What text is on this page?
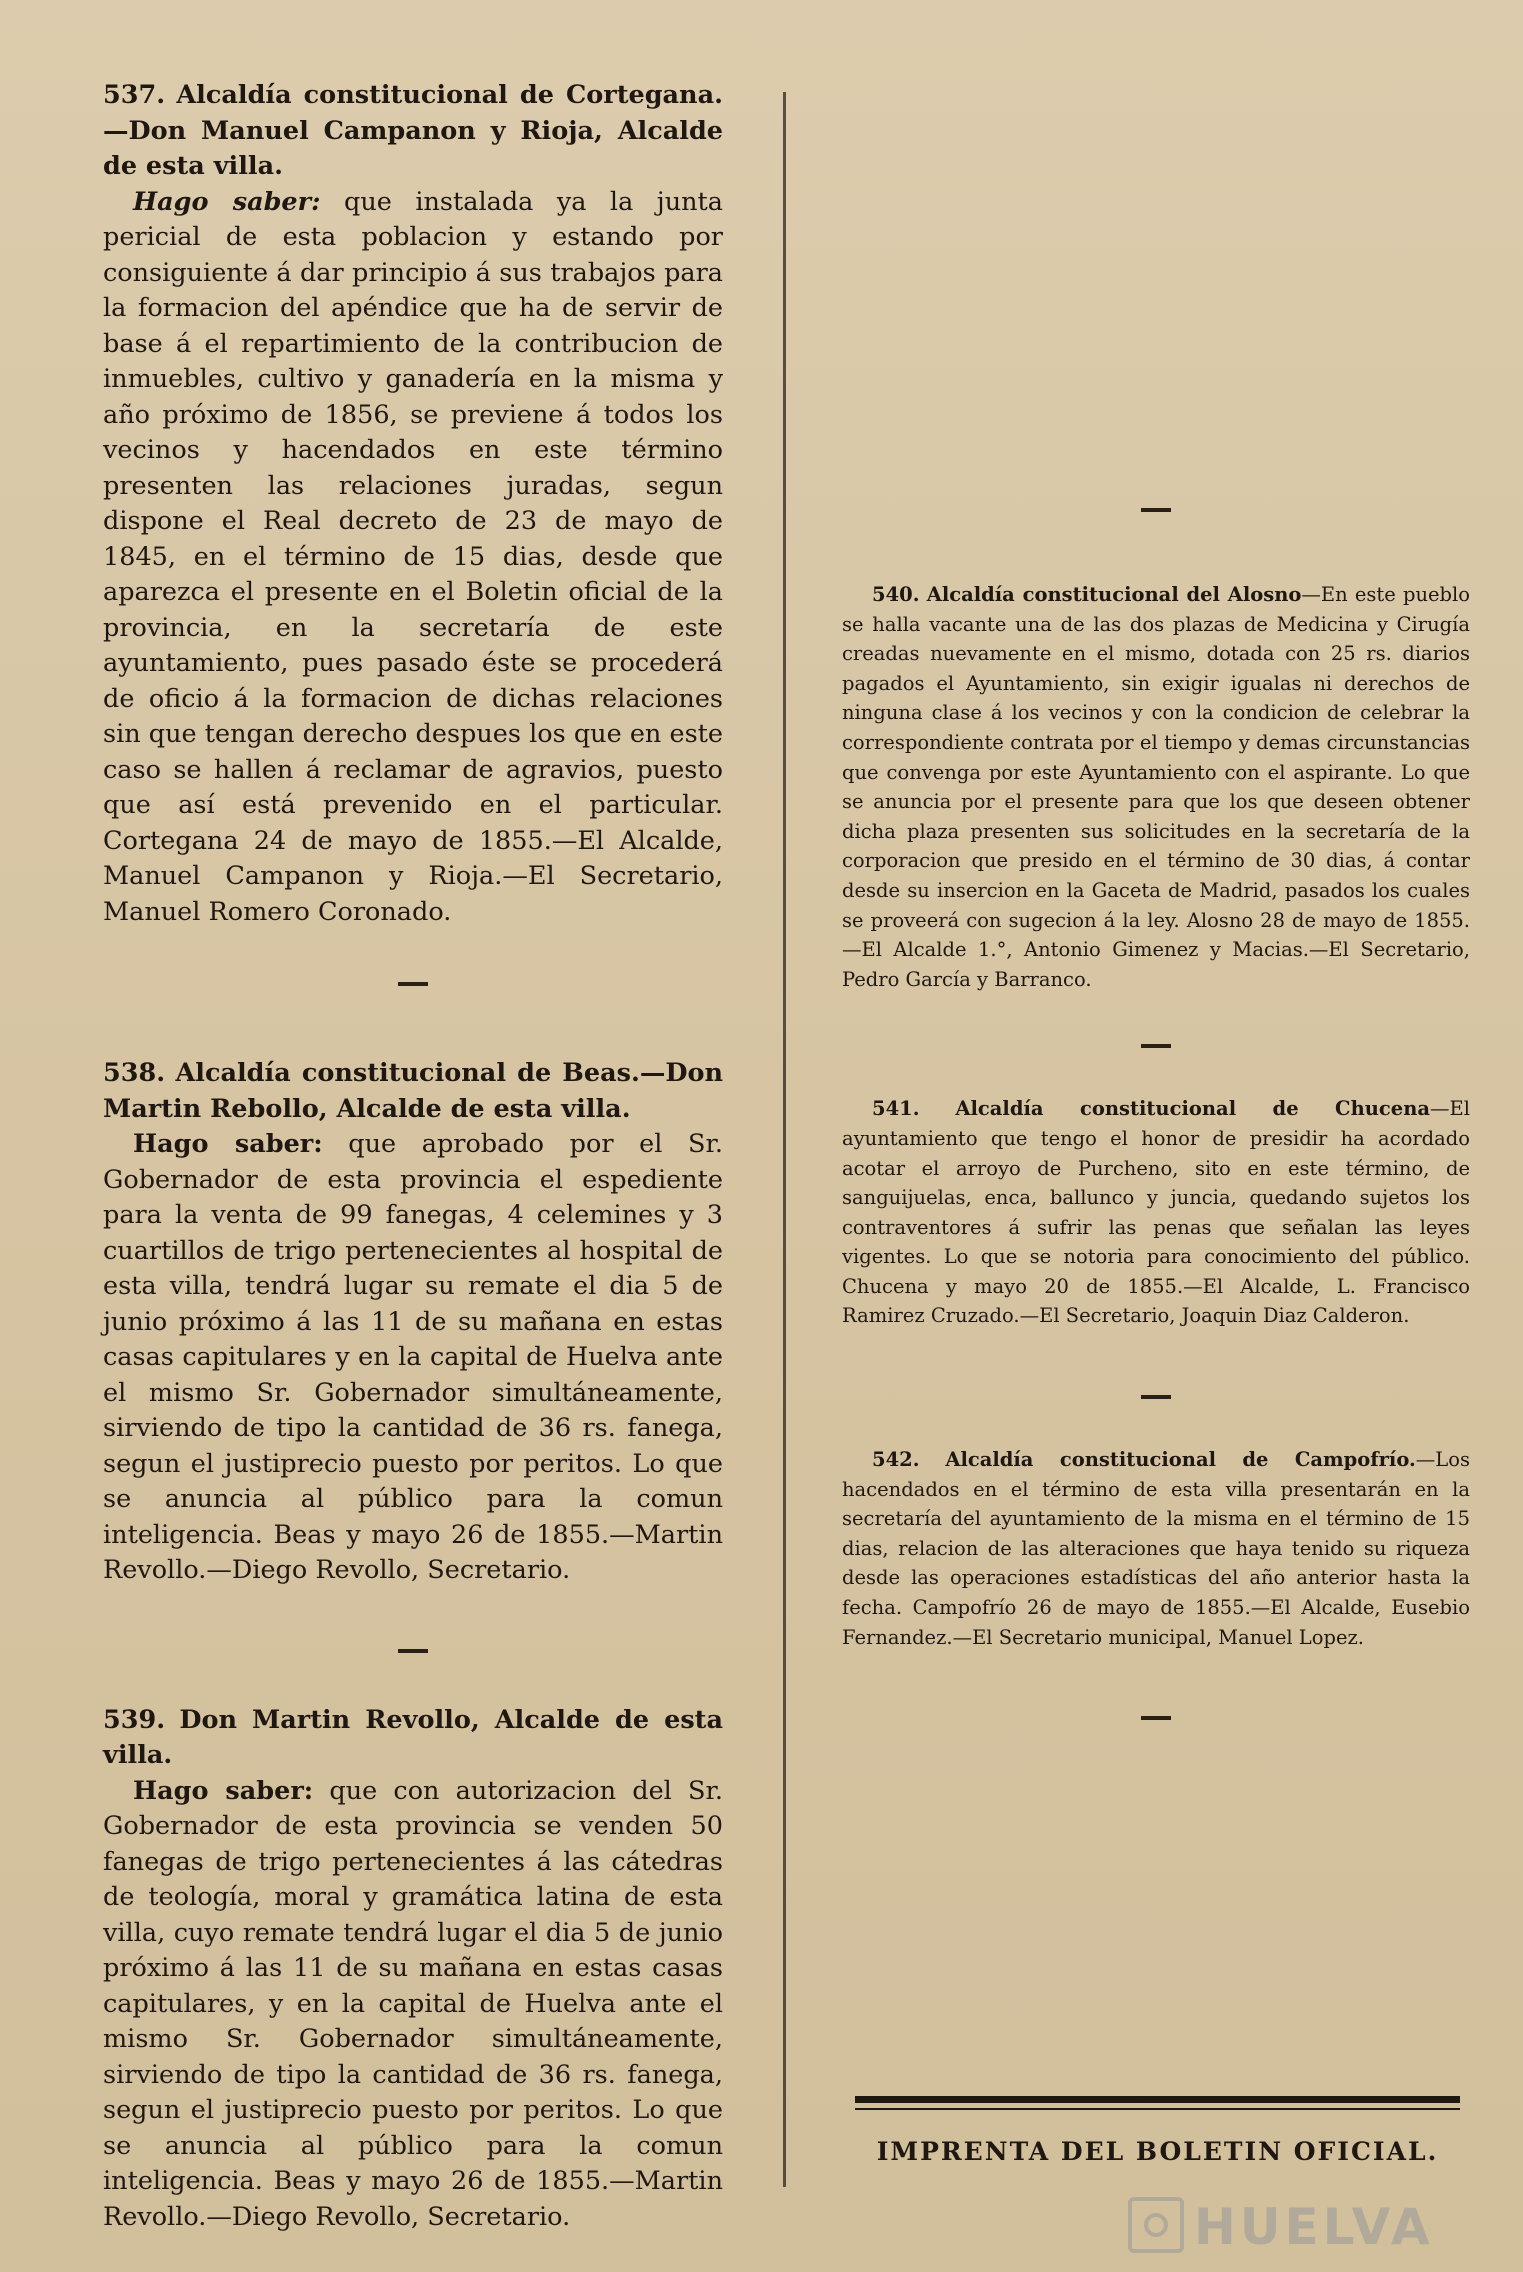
537. Alcaldía constitucional de Cortegana.—Don Manuel Campanon y Rioja, Alcalde de esta villa.

Hago saber: que instalada ya la junta pericial de esta poblacion y estando por consiguiente á dar principio á sus trabajos para la formacion del apéndice que ha de servir de base á el repartimiento de la contribucion de inmuebles, cultivo y ganadería en la misma y año próximo de 1856, se previene á todos los vecinos y hacendados en este término presenten las relaciones juradas, segun dispone el Real decreto de 23 de mayo de 1845, en el término de 15 dias, desde que aparezca el presente en el Boletin oficial de la provincia, en la secretaría de este ayuntamiento, pues pasado éste se procederá de oficio á la formacion de dichas relaciones sin que tengan derecho despues los que en este caso se hallen á reclamar de agravios, puesto que así está prevenido en el particular. Cortegana 24 de mayo de 1855.—El Alcalde, Manuel Campanon y Rioja.—El Secretario, Manuel Romero Coronado.

538. Alcaldía constitucional de Beas.—Don Martin Rebollo, Alcalde de esta villa.

Hago saber: que aprobado por el Sr. Gobernador de esta provincia el espediente para la venta de 99 fanegas, 4 celemines y 3 cuartillos de trigo pertenecientes al hospital de esta villa, tendrá lugar su remate el dia 5 de junio próximo á las 11 de su mañana en estas casas capitulares y en la capital de Huelva ante el mismo Sr. Gobernador simultáneamente, sirviendo de tipo la cantidad de 36 rs. fanega, segun el justiprecio puesto por peritos. Lo que se anuncia al público para la comun inteligencia. Beas y mayo 26 de 1855.—Martin Revollo.—Diego Revollo, Secretario.

539. Don Martin Revollo, Alcalde de esta villa.

Hago saber: que con autorizacion del Sr. Gobernador de esta provincia se venden 50 fanegas de trigo pertenecientes á las cátedras de teología, moral y gramática latina de esta villa, cuyo remate tendrá lugar el dia 5 de junio próximo á las 11 de su mañana en estas casas capitulares, y en la capital de Huelva ante el mismo Sr. Gobernador simultáneamente, sirviendo de tipo la cantidad de 36 rs. fanega, segun el justiprecio puesto por peritos. Lo que se anuncia al público para la comun inteligencia. Beas y mayo 26 de 1855.—Martin Revollo.—Diego Revollo, Secretario.

540. Alcaldía constitucional del Alosno—En este pueblo se halla vacante una de las dos plazas de Medicina y Cirugía creadas nuevamente en el mismo, dotada con 25 rs. diarios pagados el Ayuntamiento, sin exigir igualas ni derechos de ninguna clase á los vecinos y con la condicion de celebrar la correspondiente contrata por el tiempo y demas circunstancias que convenga por este Ayuntamiento con el aspirante. Lo que se anuncia por el presente para que los que deseen obtener dicha plaza presenten sus solicitudes en la secretaría de la corporacion que presido en el término de 30 dias, á contar desde su insercion en la Gaceta de Madrid, pasados los cuales se proveerá con sugecion á la ley. Alosno 28 de mayo de 1855.—El Alcalde 1.°, Antonio Gimenez y Macias.—El Secretario, Pedro García y Barranco.

541. Alcaldía constitucional de Chucena—El ayuntamiento que tengo el honor de presidir ha acordado acotar el arroyo de Purcheno, sito en este término, de sanguijuelas, enca, ballunco y juncia, quedando sujetos los contraventores á sufrir las penas que señalan las leyes vigentes. Lo que se notoria para conocimiento del público. Chucena y mayo 20 de 1855.—El Alcalde, L. Francisco Ramirez Cruzado.—El Secretario, Joaquin Diaz Calderon.

542. Alcaldía constitucional de Campofrío.—Los hacendados en el término de esta villa presentarán en la secretaría del ayuntamiento de la misma en el término de 15 dias, relacion de las alteraciones que haya tenido su riqueza desde las operaciones estadísticas del año anterior hasta la fecha. Campofrío 26 de mayo de 1855.—El Alcalde, Eusebio Fernandez.—El Secretario municipal, Manuel Lopez.

IMPRENTA DEL BOLETIN OFICIAL.
HUELVA
